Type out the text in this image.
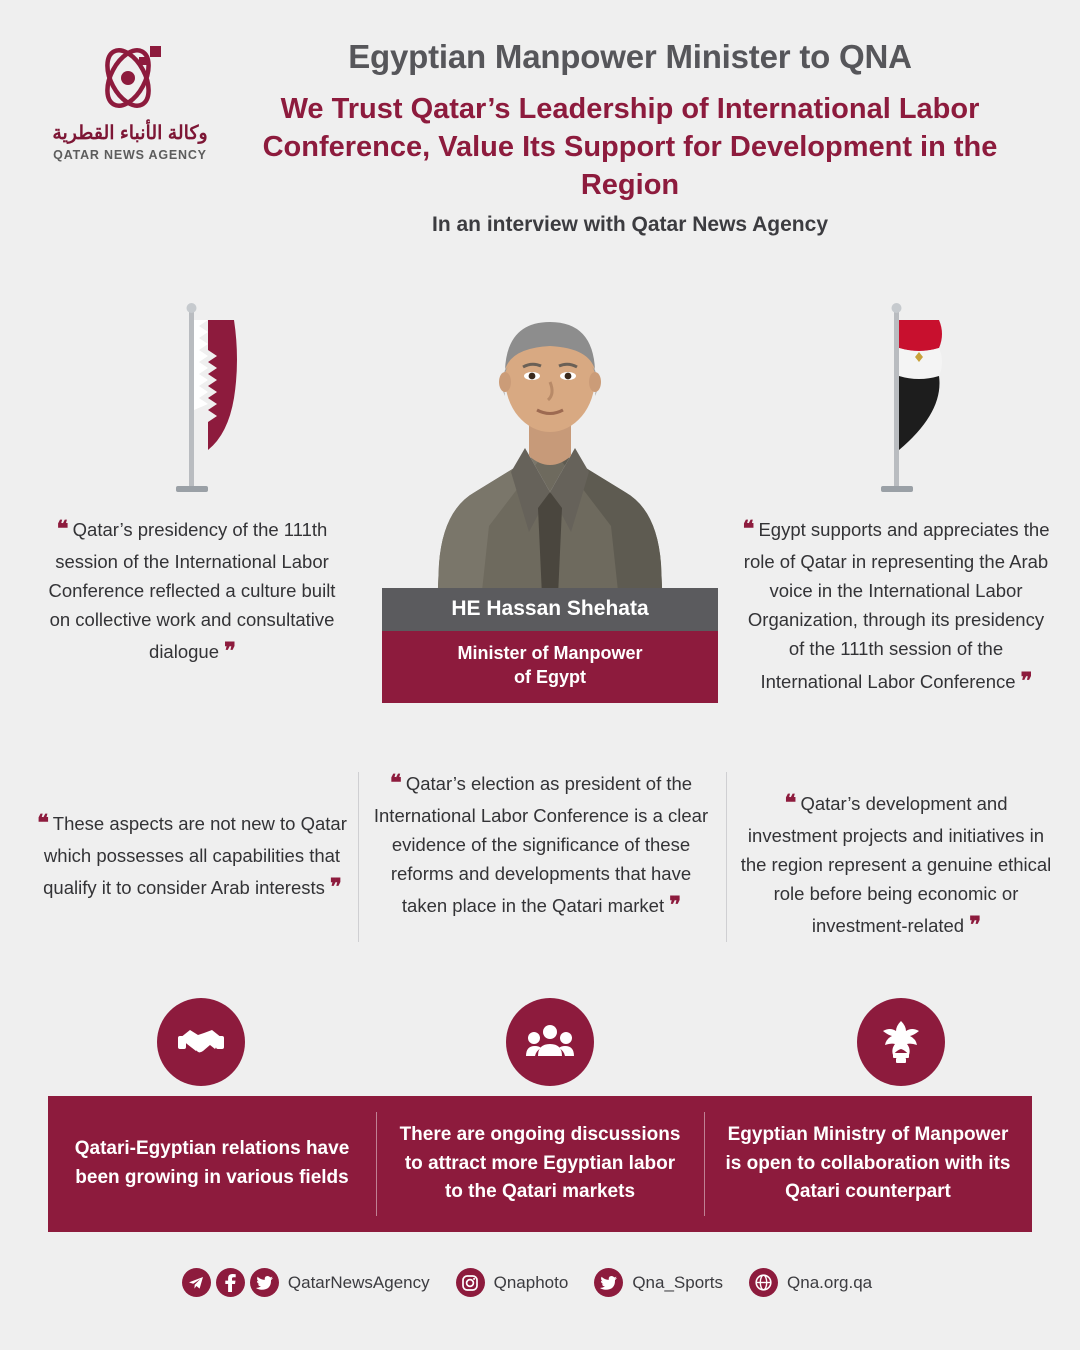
وكالة الأنباء القطرية
QATAR NEWS AGENCY
Egyptian Manpower Minister to QNA
We Trust Qatar’s Leadership of International Labor Conference, Value Its Support for Development in the Region
In an interview with Qatar News Agency
HE Hassan Shehata
Minister of Manpower
of Egypt
❝ Qatar’s presidency of the 111th session of the International Labor Conference reflected a culture built on collective work and consultative dialogue ❞
❝ Egypt supports and appreciates the role of Qatar in representing the Arab voice in the International Labor Organization, through its presidency of the 111th session of the International Labor Conference ❞
❝ These aspects are not new to Qatar which possesses all capabilities that qualify it to consider Arab interests ❞
❝ Qatar’s election as president of the International Labor Conference is a clear evidence of the significance of these reforms and developments that have taken place in the Qatari market ❞
❝ Qatar’s development and investment projects and initiatives in the region represent a genuine ethical role before being economic or investment-related ❞
Qatari-Egyptian relations have been growing in various fields
There are ongoing discussions to attract more Egyptian labor to the Qatari markets
Egyptian Ministry of Manpower is open to collaboration with its Qatari counterpart
QatarNewsAgency	Qnaphoto	Qna_Sports	Qna.org.qa
